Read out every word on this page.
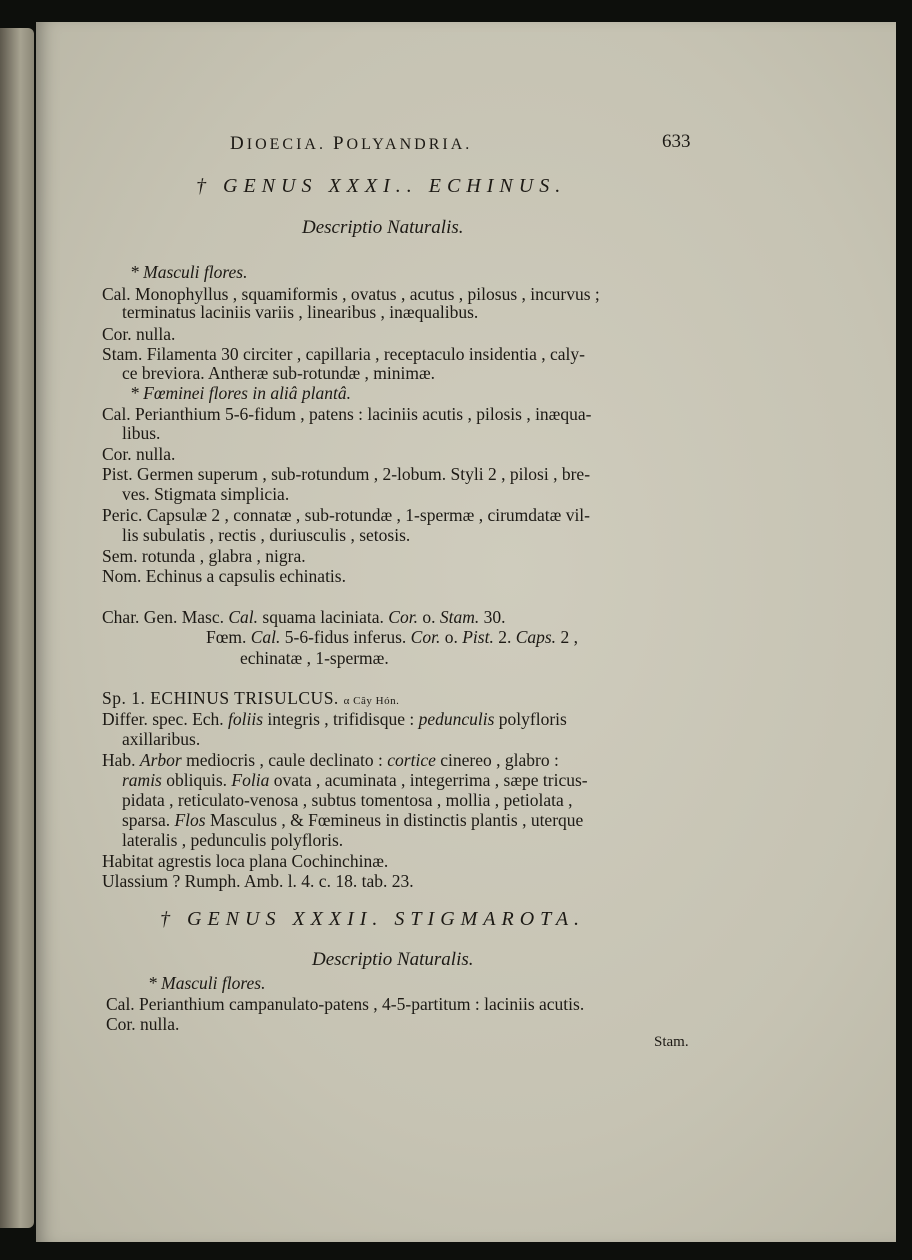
DIOECIA. POLYANDRIA.	633
† GENUS XXXI.. ECHINUS.
Descriptio Naturalis.
* Masculi flores.
Cal. Monophyllus , squamiformis , ovatus , acutus , pilosus , incurvus ;
terminatus laciniis variis , linearibus , inæqualibus.
Cor. nulla.
Stam. Filamenta 30 circiter , capillaria , receptaculo insidentia , caly-
ce breviora. Antheræ sub-rotundæ , minimæ.
* Fœminei flores in aliâ plantâ.
Cal. Perianthium 5-6-fidum , patens : laciniis acutis , pilosis , inæqua-
libus.
Cor. nulla.
Pist. Germen superum , sub-rotundum , 2-lobum. Styli 2 , pilosi , bre-
ves. Stigmata simplicia.
Peric. Capsulæ 2 , connatæ , sub-rotundæ , 1-spermæ , cirumdatæ vil-
lis subulatis , rectis , duriusculis , setosis.
Sem. rotunda , glabra , nigra.
Nom. Echinus a capsulis echinatis.
Char. Gen. Masc. Cal. squama laciniata. Cor. o. Stam. 30.
Fœm. Cal. 5-6-fidus inferus. Cor. o. Pist. 2. Caps. 2 ,
echinatæ , 1-spermæ.
Sp. 1. ECHINUS TRISULCUS. α Cây Hón.
Differ. spec. Ech. foliis integris , trifidisque : pedunculis polyfloris
axillaribus.
Hab. Arbor mediocris , caule declinato : cortice cinereo , glabro :
ramis obliquis. Folia ovata , acuminata , integerrima , sæpe tricus-
pidata , reticulato-venosa , subtus tomentosa , mollia , petiolata ,
sparsa. Flos Masculus , & Fœmineus in distinctis plantis , uterque
lateralis , pedunculis polyfloris.
Habitat agrestis loca plana Cochinchinæ.
Ulassium ? Rumph. Amb. l. 4. c. 18. tab. 23.
† GENUS XXXII. STIGMAROTA.
Descriptio Naturalis.
* Masculi flores.
Cal. Perianthium campanulato-patens , 4-5-partitum : laciniis acutis.
Cor. nulla.
Stam.
